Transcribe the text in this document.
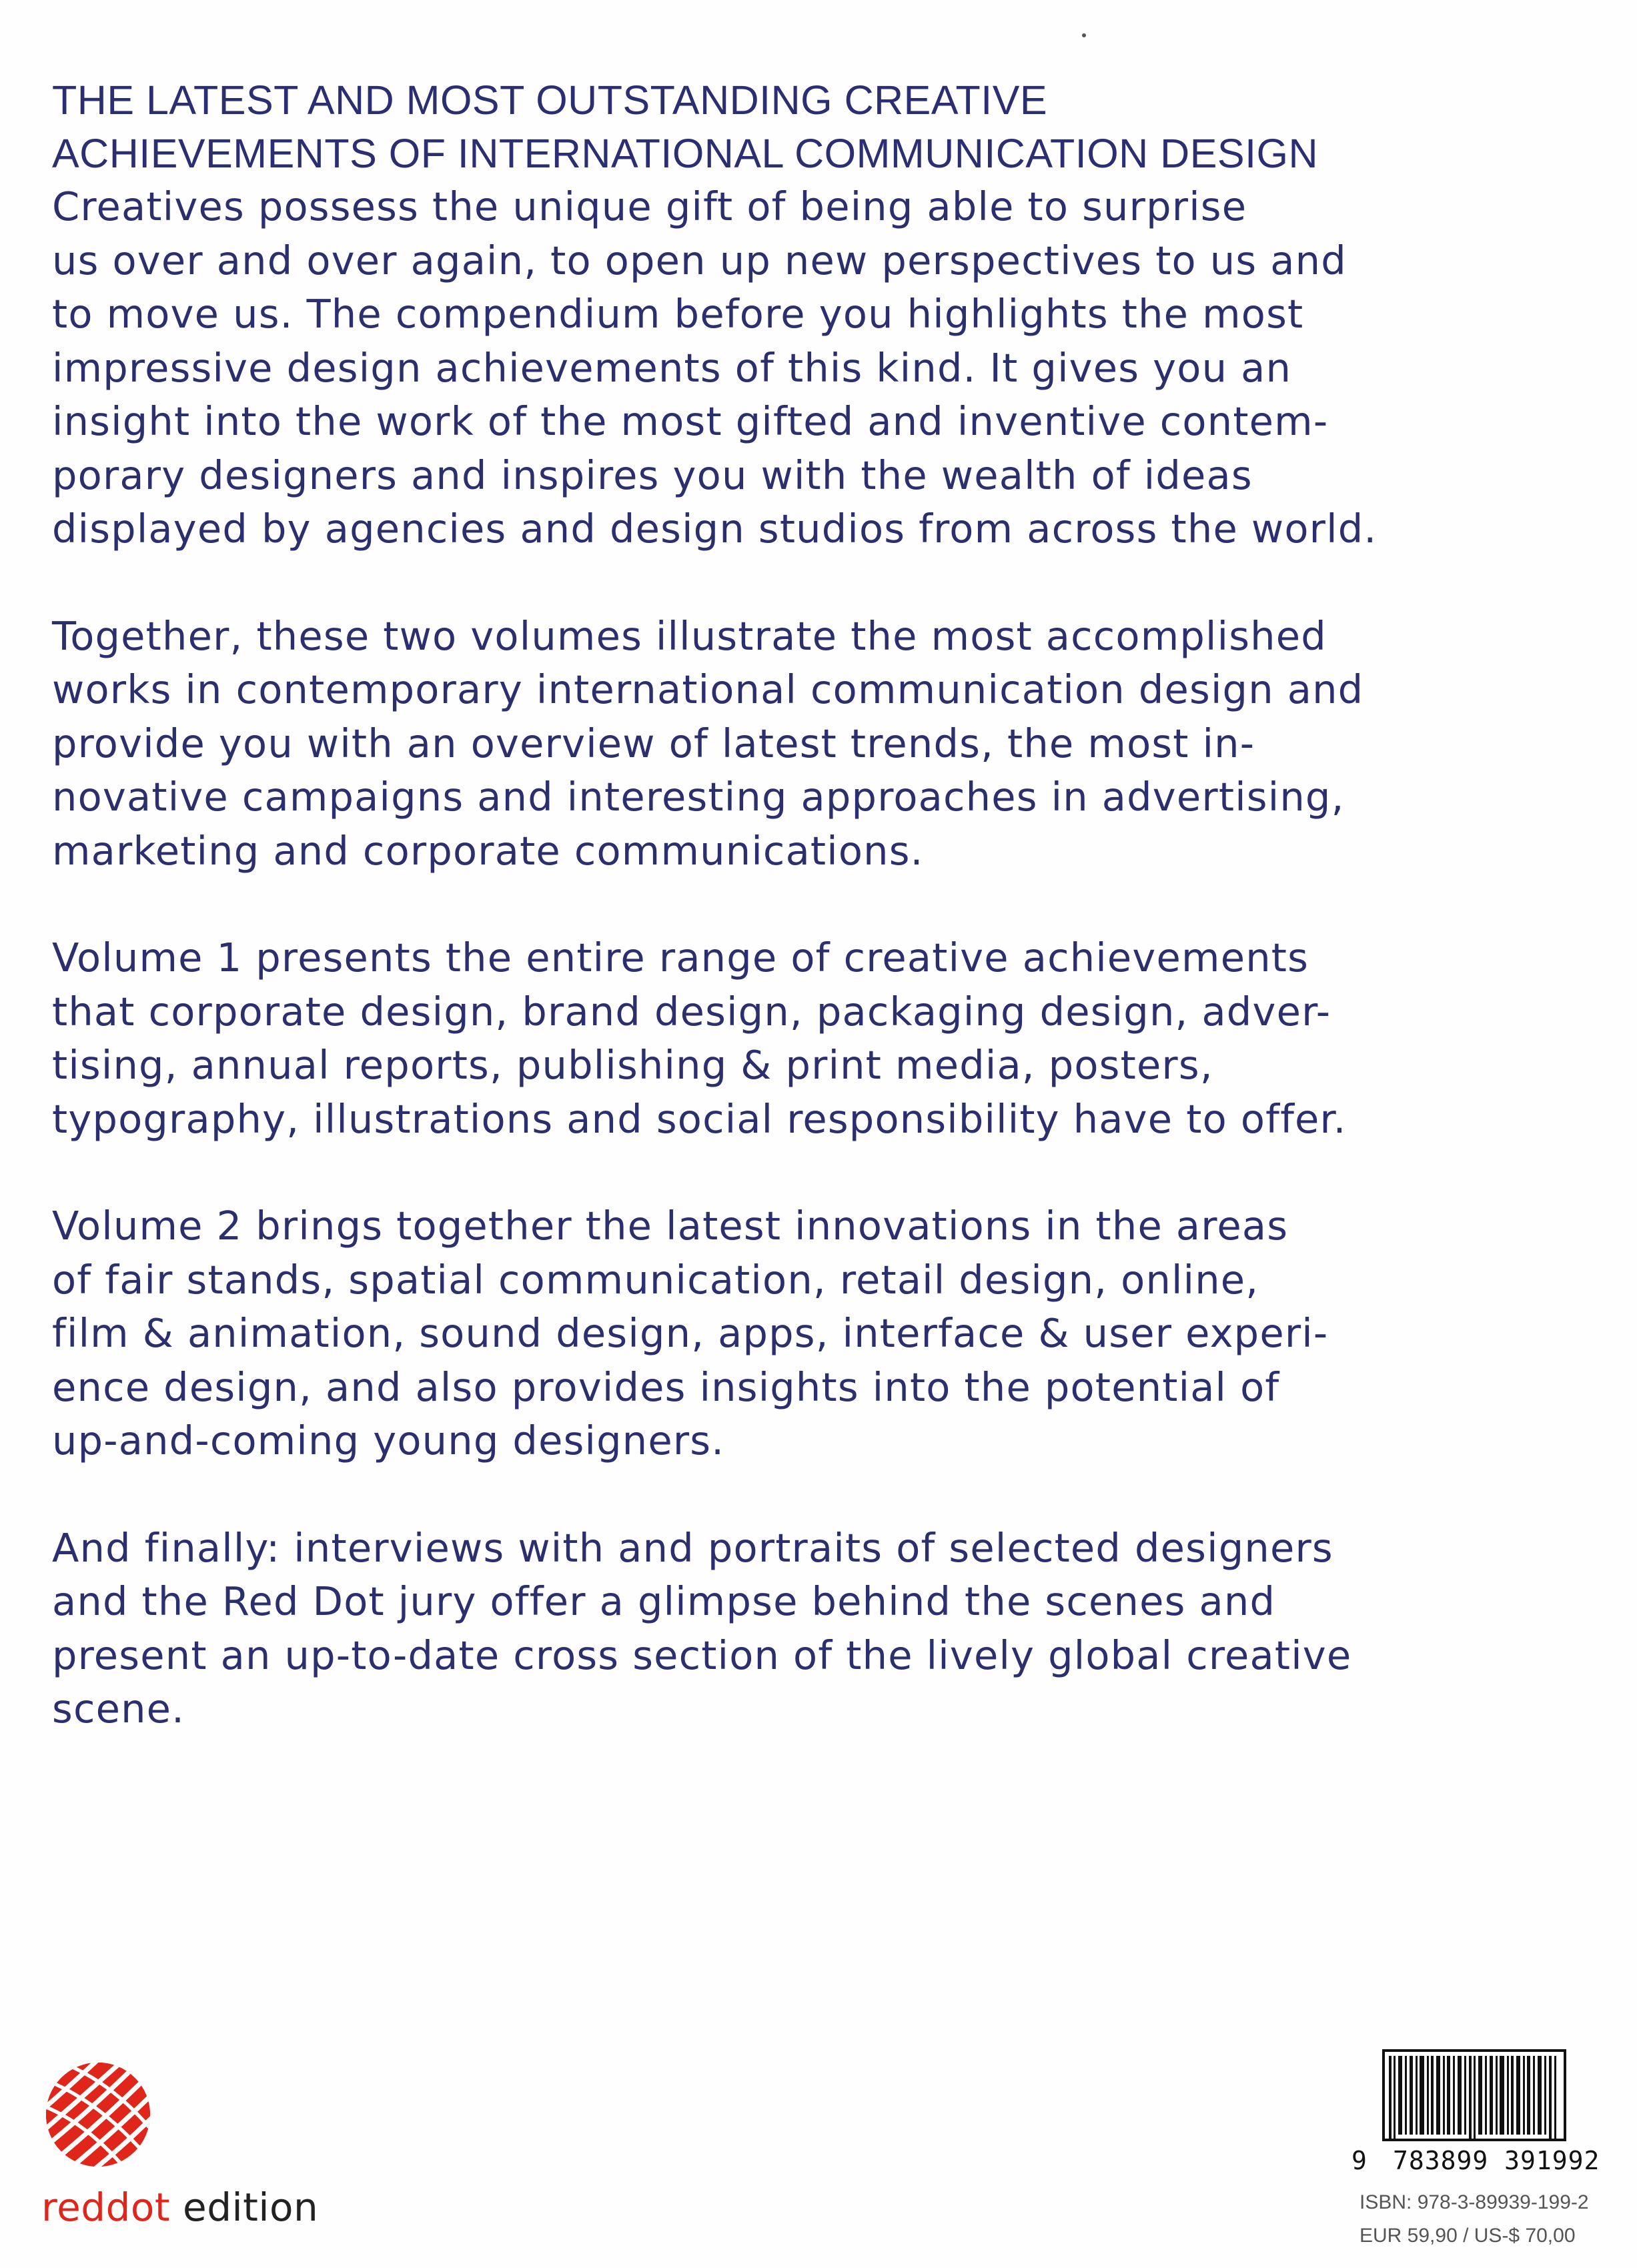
THE LATEST AND MOST OUTSTANDING CREATIVE
ACHIEVEMENTS OF INTERNATIONAL COMMUNICATION DESIGN

Creatives possess the unique gift of being able to surprise
us over and over again, to open up new perspectives to us and
to move us. The compendium before you highlights the most
impressive design achievements of this kind. It gives you an
insight into the work of the most gifted and inventive contem-
porary designers and inspires you with the wealth of ideas
displayed by agencies and design studios from across the world.

Together, these two volumes illustrate the most accomplished
works in contemporary international communication design and
provide you with an overview of latest trends, the most in-
novative campaigns and interesting approaches in advertising,
marketing and corporate communications.

Volume 1 presents the entire range of creative achievements
that corporate design, brand design, packaging design, adver-
tising, annual reports, publishing & print media, posters,
typography, illustrations and social responsibility have to offer.

Volume 2 brings together the latest innovations in the areas
of fair stands, spatial communication, retail design, online,
film & animation, sound design, apps, interface & user experi-
ence design, and also provides insights into the potential of
up-and-coming young designers.

And finally: interviews with and portraits of selected designers
and the Red Dot jury offer a glimpse behind the scenes and
present an up-to-date cross section of the lively global creative
scene.

reddot edition
9 783899 391992
ISBN: 978-3-89939-199-2
EUR 59,90 / US-$ 70,00
